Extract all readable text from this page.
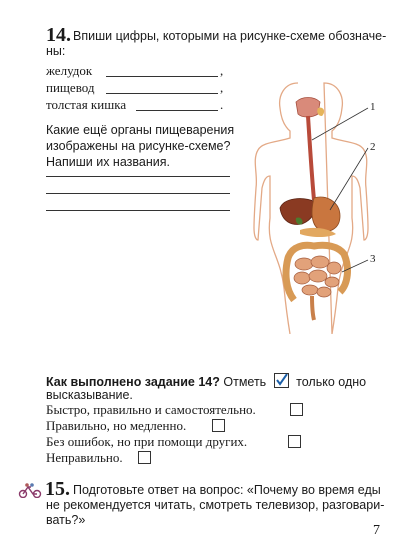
14. Впиши цифры, которыми на рисунке-схеме обозначе-
ны:
желудок	,
пищевод	,
толстая кишка	.
Какие ещё органы пищеварения
изображены на рисунке-схеме?
Напиши их названия.
1
2
3
Как выполнено задание 14? Отметь только одно
высказывание.
Быстро, правильно и самостоятельно.
Правильно, но медленно.
Без ошибок, но при помощи других.
Неправильно.
15. Подготовьте ответ на вопрос: «Почему во время еды
не рекомендуется читать, смотреть телевизор, разговари-
вать?»
7
